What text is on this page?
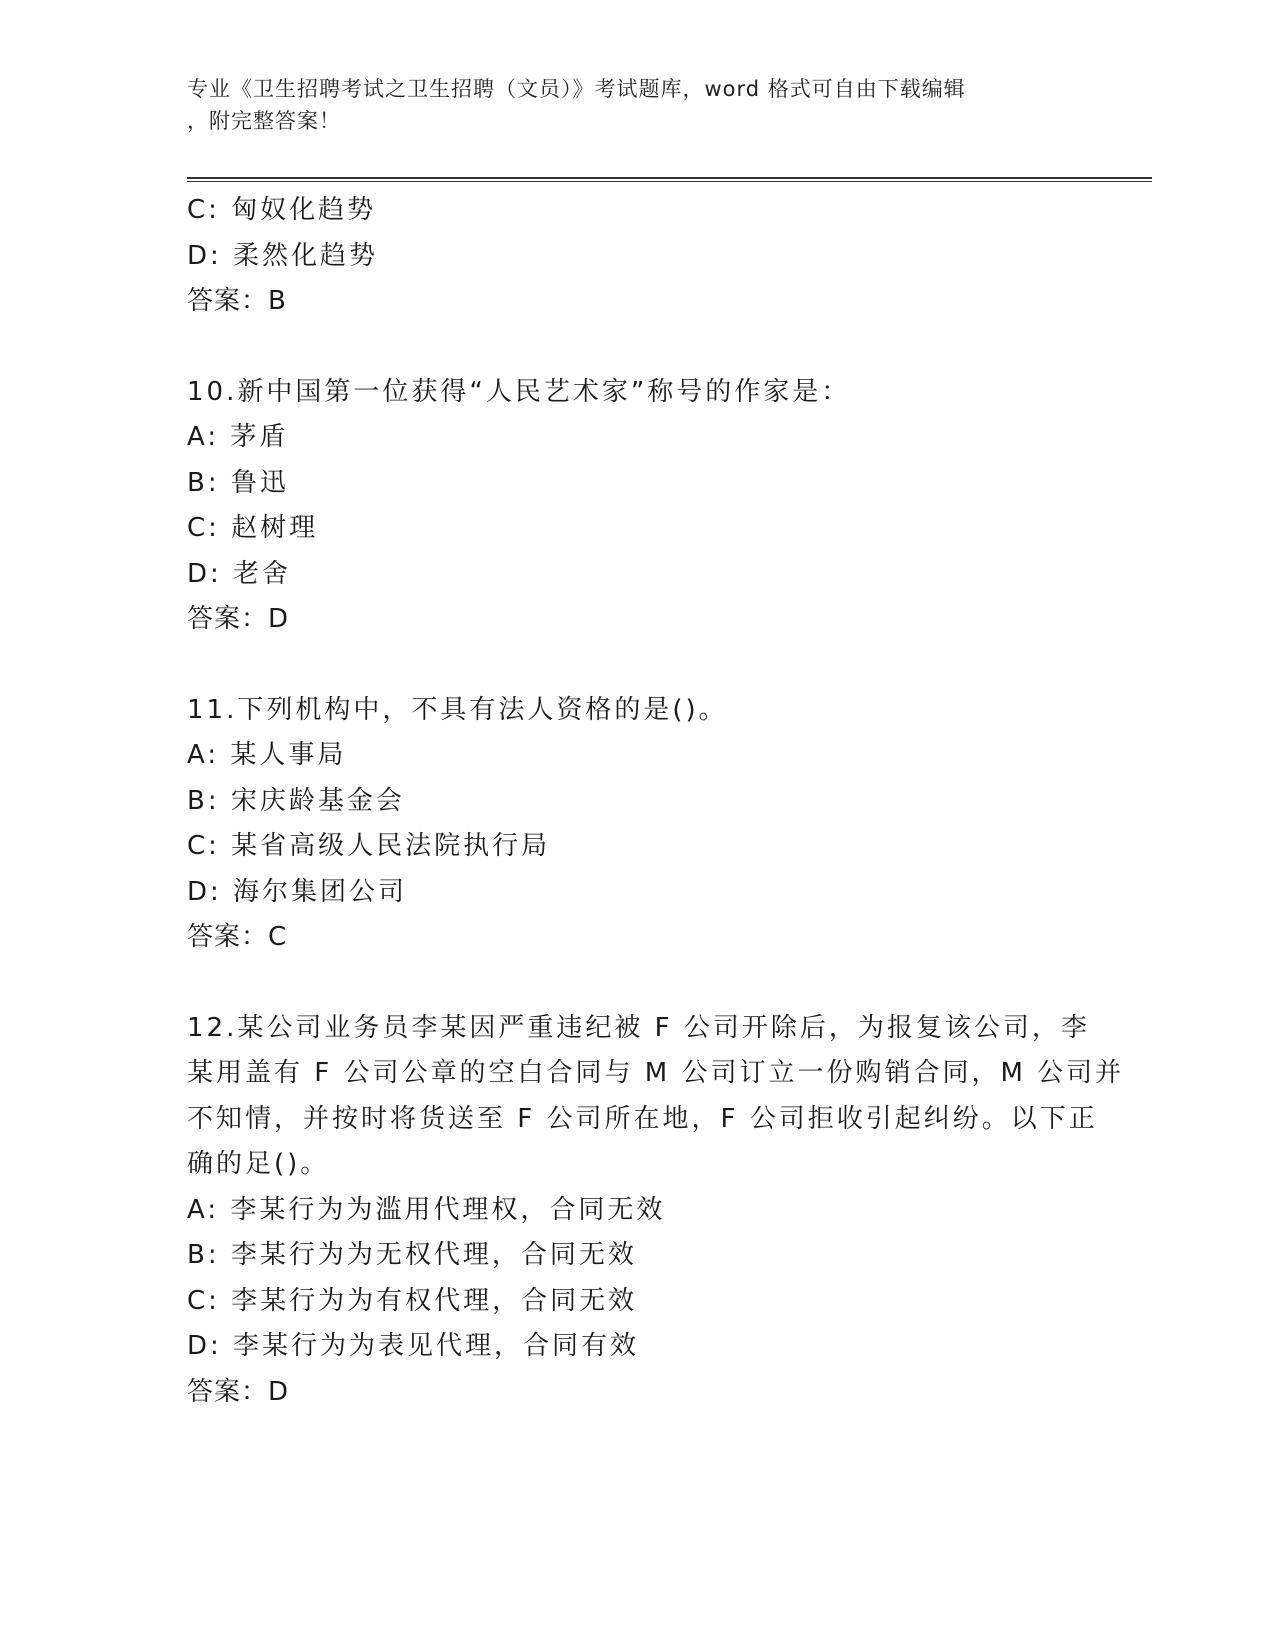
专业《卫生招聘考试之卫生招聘（文员）》考试题库，word 格式可自由下载编辑
，附完整答案！
C: 匈奴化趋势
D: 柔然化趋势
答案：B
10.新中国第一位获得“人民艺术家”称号的作家是：
A: 茅盾
B: 鲁迅
C: 赵树理
D: 老舍
答案：D
11.下列机构中，不具有法人资格的是()。
A: 某人事局
B: 宋庆龄基金会
C: 某省高级人民法院执行局
D: 海尔集团公司
答案：C
12.某公司业务员李某因严重违纪被 F 公司开除后，为报复该公司，李
某用盖有 F 公司公章的空白合同与 M 公司订立一份购销合同，M 公司并
不知情，并按时将货送至 F 公司所在地，F 公司拒收引起纠纷。以下正
确的足()。
A: 李某行为为滥用代理权，合同无效
B: 李某行为为无权代理，合同无效
C: 李某行为为有权代理，合同无效
D: 李某行为为表见代理，合同有效
答案：D
